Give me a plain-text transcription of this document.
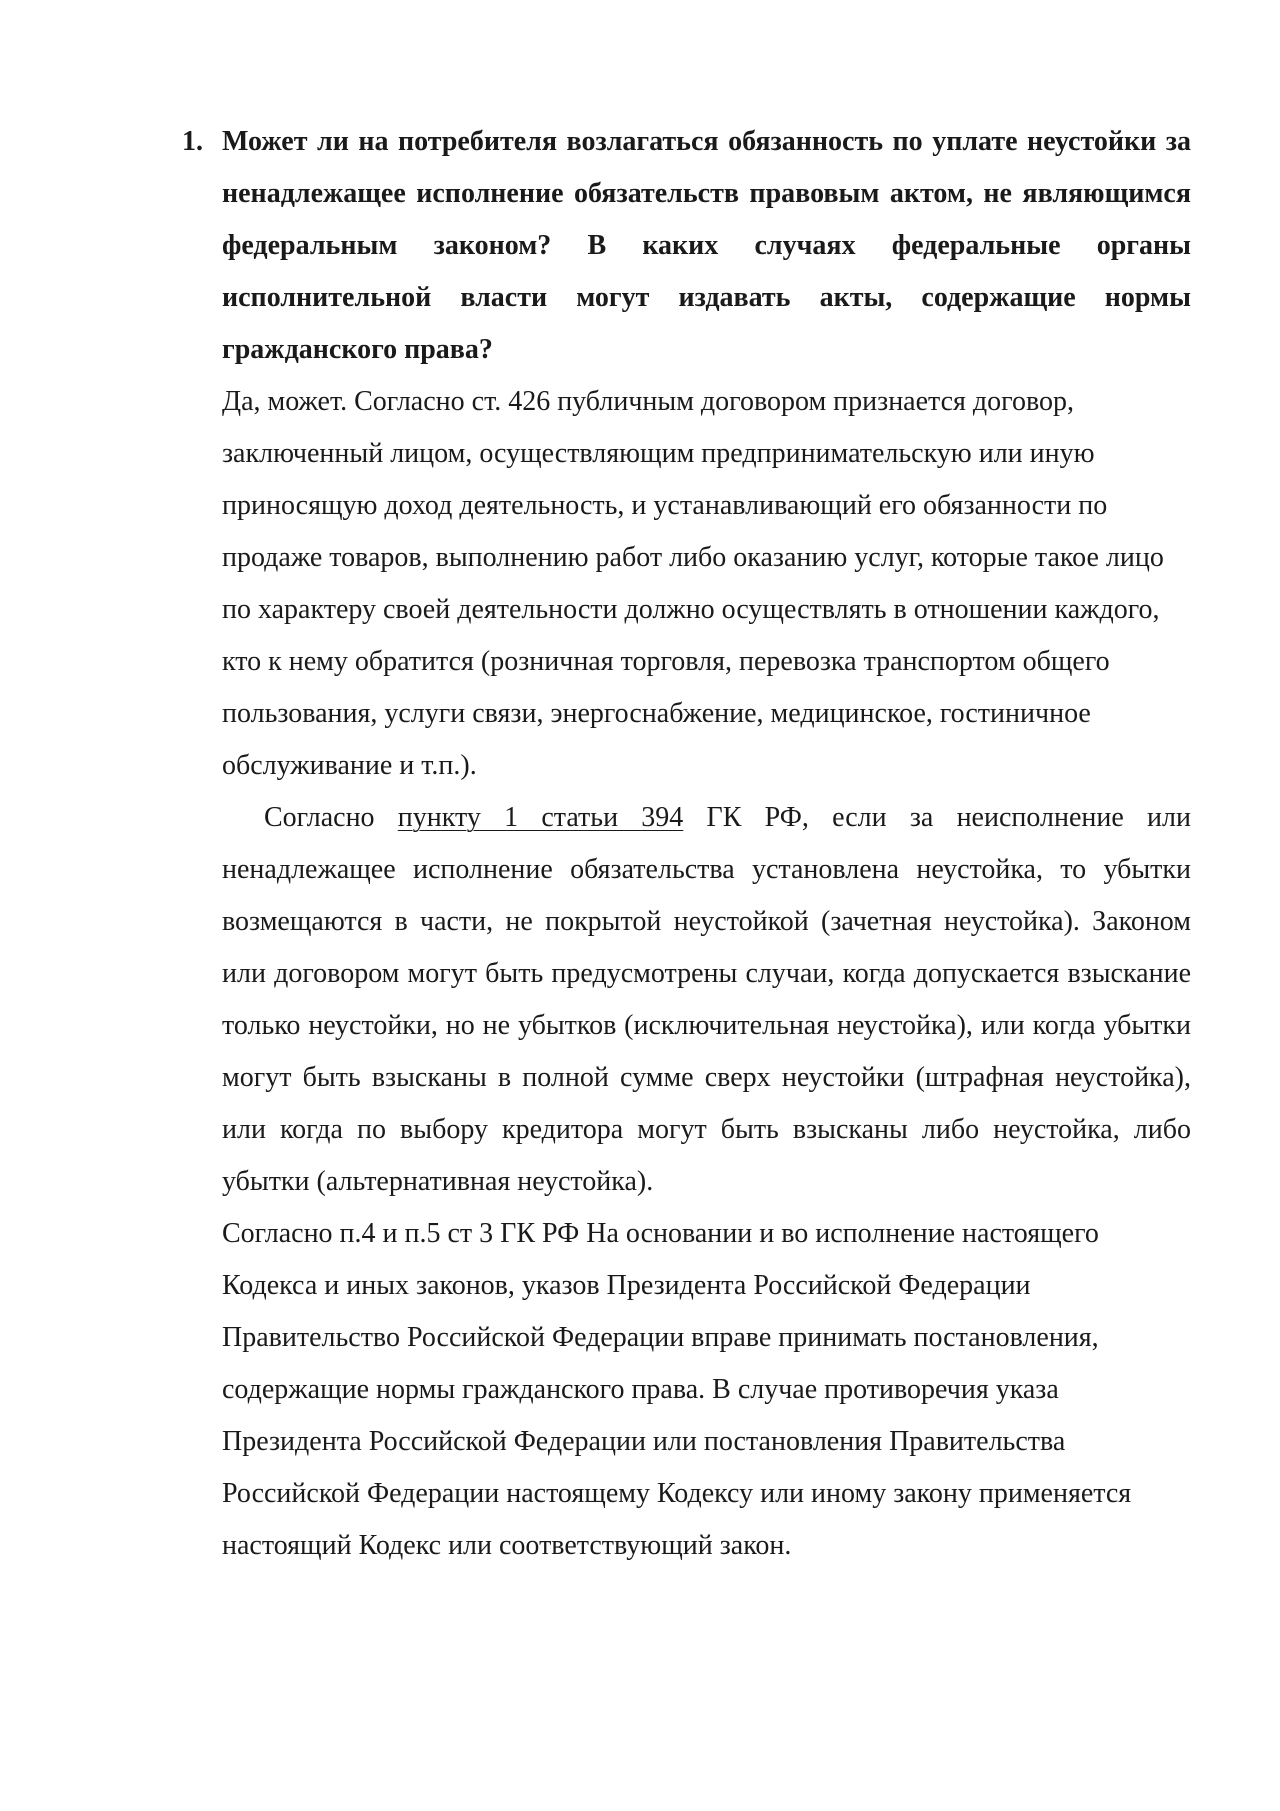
1. Может ли на потребителя возлагаться обязанность по уплате неустойки за ненадлежащее исполнение обязательств правовым актом, не являющимся федеральным законом? В каких случаях федеральные органы исполнительной власти могут издавать акты, содержащие нормы гражданского права?

Да, может. Согласно ст. 426 публичным договором признается договор, заключенный лицом, осуществляющим предпринимательскую или иную приносящую доход деятельность, и устанавливающий его обязанности по продаже товаров, выполнению работ либо оказанию услуг, которые такое лицо по характеру своей деятельности должно осуществлять в отношении каждого, кто к нему обратится (розничная торговля, перевозка транспортом общего пользования, услуги связи, энергоснабжение, медицинское, гостиничное обслуживание и т.п.).

Согласно пункту 1 статьи 394 ГК РФ, если за неисполнение или ненадлежащее исполнение обязательства установлена неустойка, то убытки возмещаются в части, не покрытой неустойкой (зачетная неустойка). Законом или договором могут быть предусмотрены случаи, когда допускается взыскание только неустойки, но не убытков (исключительная неустойка), или когда убытки могут быть взысканы в полной сумме сверх неустойки (штрафная неустойка), или когда по выбору кредитора могут быть взысканы либо неустойка, либо убытки (альтернативная неустойка).

Согласно п.4 и п.5 ст 3 ГК РФ На основании и во исполнение настоящего Кодекса и иных законов, указов Президента Российской Федерации Правительство Российской Федерации вправе принимать постановления, содержащие нормы гражданского права. В случае противоречия указа Президента Российской Федерации или постановления Правительства Российской Федерации настоящему Кодексу или иному закону применяется настоящий Кодекс или соответствующий закон.
